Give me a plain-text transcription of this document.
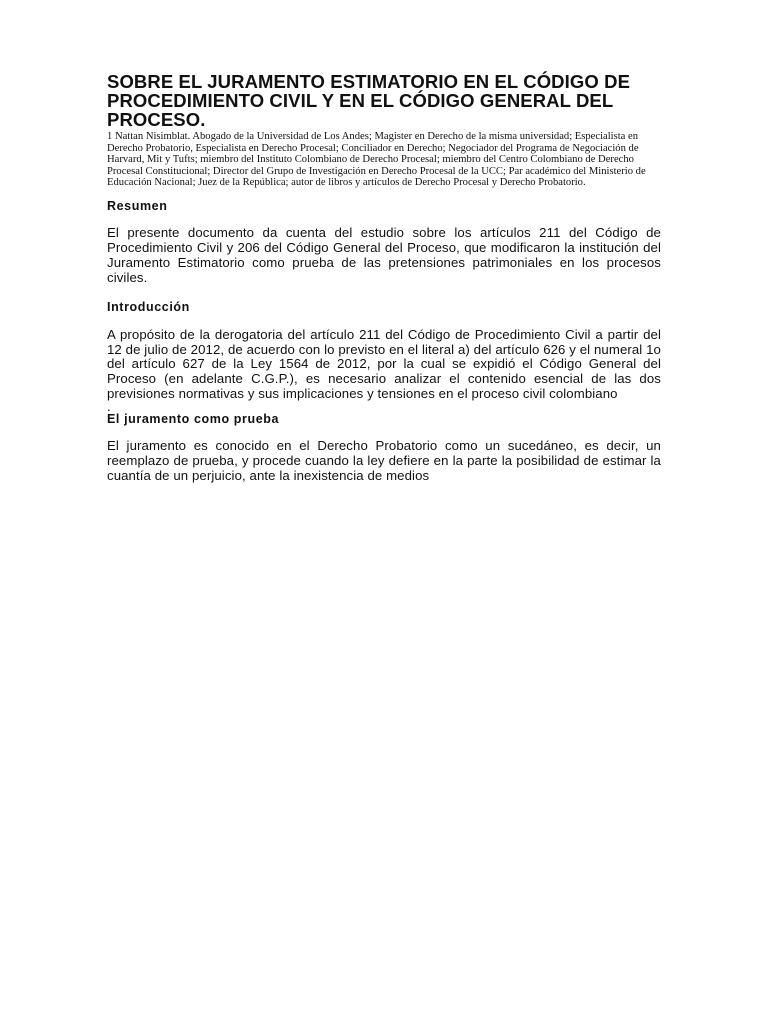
SOBRE EL JURAMENTO ESTIMATORIO EN EL CÓDIGO DE PROCEDIMIENTO CIVIL Y EN EL CÓDIGO GENERAL DEL PROCESO.

1 Nattan Nisimblat. Abogado de la Universidad de Los Andes; Magister en Derecho de la misma universidad; Especialista en Derecho Probatorio, Especialista en Derecho Procesal; Conciliador en Derecho; Negociador del Programa de Negociación de Harvard, Mit y Tufts; miembro del Instituto Colombiano de Derecho Procesal; miembro del Centro Colombiano de Derecho Procesal Constitucional; Director del Grupo de Investigación en Derecho Procesal de la UCC; Par académico del Ministerio de Educación Nacional; Juez de la República; autor de libros y artículos de Derecho Procesal y Derecho Probatorio.

Resumen

El presente documento da cuenta del estudio sobre los artículos 211 del Código de Procedimiento Civil y 206 del Código General del Proceso, que modificaron la institución del Juramento Estimatorio como prueba de las pretensiones patrimoniales en los procesos civiles.

Introducción

A propósito de la derogatoria del artículo 211 del Código de Procedimiento Civil a partir del 12 de julio de 2012, de acuerdo con lo previsto en el literal a) del artículo 626 y el numeral 1o del artículo 627 de la Ley 1564 de 2012, por la cual se expidió el Código General del Proceso (en adelante C.G.P.), es necesario analizar el contenido esencial de las dos previsiones normativas y sus implicaciones y tensiones en el proceso civil colombiano

.

El juramento como prueba

El juramento es conocido en el Derecho Probatorio como un sucedáneo, es decir, un reemplazo de prueba, y procede cuando la ley defiere en la parte la posibilidad de estimar la cuantía de un perjuicio, ante la inexistencia de medios
